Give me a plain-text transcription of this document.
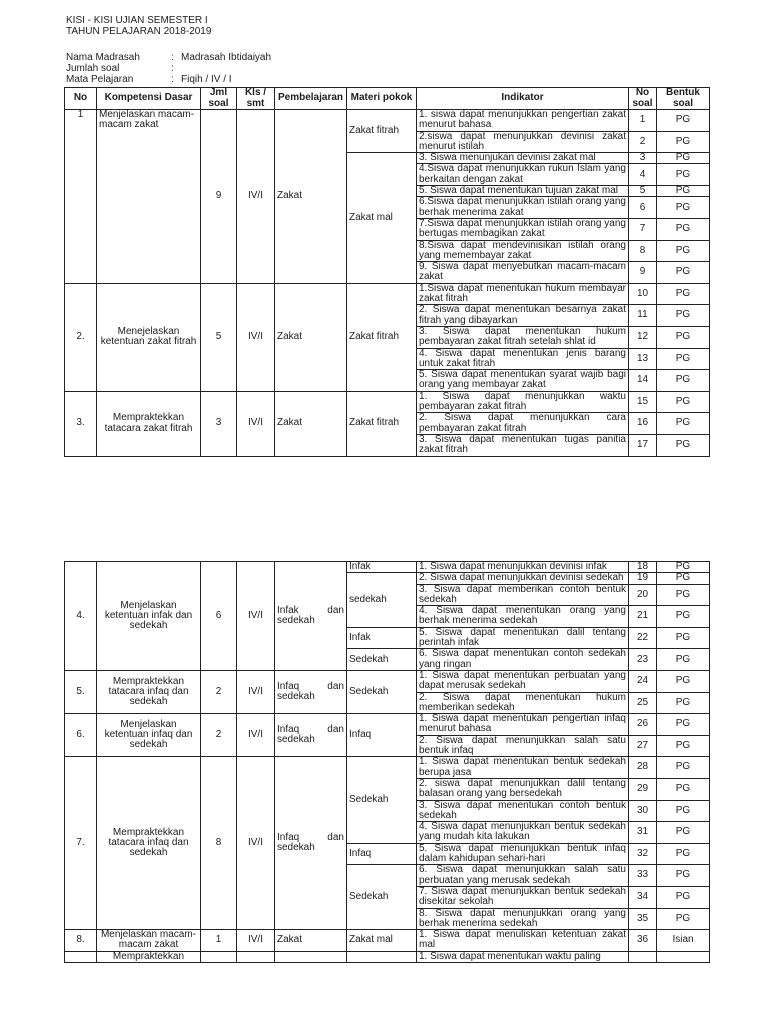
KISI - KISI UJIAN SEMESTER I
TAHUN PELAJARAN 2018-2019
Nama Madrasah	: Madrasah Ibtidaiyah
Jumlah soal	:
Mata Pelajaran	: Fiqih / IV / I
No	Kompetensi Dasar	Jml soal	Kls / smt	Pembelajaran	Materi pokok	Indikator	No soal	Bentuk soal
1	Menjelaskan macam-macam zakat	9	IV/I	Zakat	Zakat fitrah	1. siswa dapat menunjukkan pengertian zakat menurut bahasa	1	PG
						2.siswa dapat menunjukkan devinisi zakat menurut istilah	2	PG
					Zakat mal	3. Siswa menunjukan devinisi zakat mal	3	PG
						4.Siswa dapat menunjukkan rukun Islam yang berkaitan dengan zakat	4	PG
						5. Siswa dapat menentukan tujuan zakat mal	5	PG
						6.Siswa dapat menunjukkan istilah orang yang berhak menerima zakat	6	PG
						7.Siswa dapat menunjukkan istilah orang yang bertugas membagikan zakat	7	PG
						8.Siswa dapat mendevinisikan istilah orang yang memembayar zakat	8	PG
						9. Siswa dapat menyebutkan macam-macam zakat	9	PG
2.	Menejelaskan ketentuan zakat fitrah	5	IV/I	Zakat	Zakat fitrah	1.Siswa dapat menentukan hukum membayar zakat fitrah	10	PG
						2. Siswa dapat menentukan besarnya zakat fitrah yang dibayarkan	11	PG
						3. Siswa dapat menentukan hukum pembayaran zakat fitrah setelah shlat id	12	PG
						4. Siswa dapat menentukan jenis barang untuk zakat fitrah	13	PG
						5. Siswa dapat menentukan syarat wajib bagi orang yang membayar zakat	14	PG
3.	Mempraktekkan tatacara zakat fitrah	3	IV/I	Zakat	Zakat fitrah	1. Siswa dapat menunjukkan waktu pembayaran zakat fitrah	15	PG
						2. Siswa dapat menunjukkan cara pembayaran zakat fitrah	16	PG
						3. Siswa dapat menentukan tugas panitia zakat fitrah	17	PG
4.	Menjelaskan ketentuan infak dan sedekah	6	IV/I	Infak dan sedekah	Infak	1. Siswa dapat menunjukkan devinisi infak	18	PG
					sedekah	2. Siswa dapat menunjukkan devinisi sedekah	19	PG
						3. Siswa dapat memberikan contoh bentuk sedekah	20	PG
						4. Siswa dapat menentukan orang yang berhak menerima sedekah	21	PG
					Infak	5. Siswa dapat menentukan dalil tentang perintah infak	22	PG
					Sedekah	6. Siswa dapat menentukan contoh sedekah yang ringan	23	PG
5.	Mempraktekkan tatacara infaq dan sedekah	2	IV/I	Infaq dan sedekah	Sedekah	1. Siswa dapat menentukan perbuatan yang dapat merusak sedekah	24	PG
						2. Siswa dapat menentukan hukum memberikan sedekah	25	PG
6.	Menjelaskan ketentuan infaq dan sedekah	2	IV/I	Infaq dan sedekah	Infaq	1. Siswa dapat menentukan pengertian infaq menurut bahasa	26	PG
						2. Siswa dapat menunjukkan salah satu bentuk infaq	27	PG
7.	Mempraktekkan tatacara infaq dan sedekah	8	IV/I	Infaq dan sedekah	Sedekah	1. Siswa dapat menentukan bentuk sedekah berupa jasa	28	PG
						2. siswa dapat menunjukkan dalil tentang balasan orang yang bersedekah	29	PG
						3. Siswa dapat menentukan contoh bentuk sedekah	30	PG
						4. Siswa dapat menunjukkan bentuk sedekah yang mudah kita lakukan	31	PG
					Infaq	5. Siswa dapat menunjukkan bentuk infaq dalam kahidupan sehari-hari	32	PG
					Sedekah	6. Siswa dapat menunjukkan salah satu perbuatan yang merusak sedekah	33	PG
						7. Siswa dapat menunjukkan bentuk sedekah disekitar sekolah	34	PG
						8. Siswa dapat menunjukkan orang yang berhak menerima sedekah	35	PG
8.	Menjelaskan macam-macam zakat	1	IV/I	Zakat	Zakat mal	1. Siswa dapat menuliskan ketentuan zakat mal	36	Isian
	Mempraktekkan					1. Siswa dapat menentukan waktu paling		
